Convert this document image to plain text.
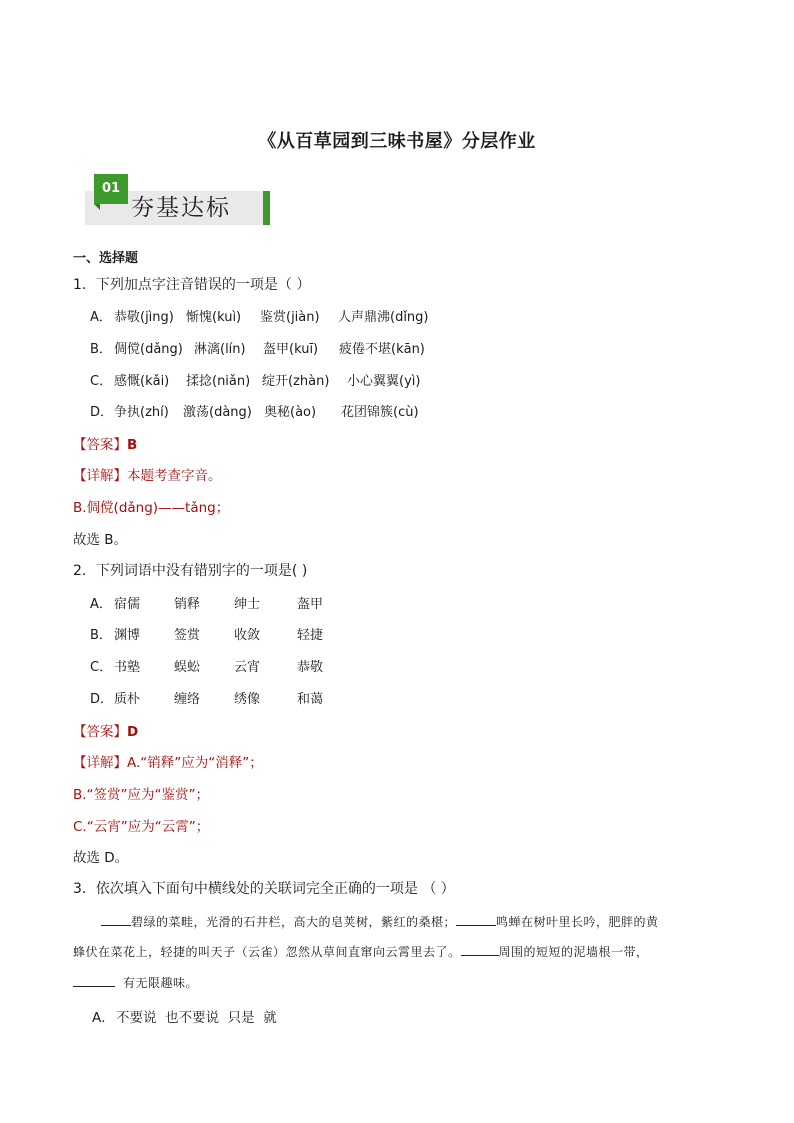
《从百草园到三味书屋》分层作业
01
夯基达标
一、选择题
1．下列加点字注音错误的一项是（ ）
A． 恭敬(jìng) 惭愧(kuì) 鉴赏(jiàn) 人声鼎沸(dǐng)
B． 倜傥(dǎng) 淋漓(lín) 盔甲(kuī) 疲倦不堪(kān)
C． 感慨(kǎi) 揉捻(niǎn) 绽开(zhàn) 小心翼翼(yì)
D．争执(zhí) 激荡(dàng) 奥秘(ào) 花团锦簇(cù)
【答案】B
【详解】本题考查字音。
B.倜傥(dǎng)——tǎng；
故选 B。
2．下列词语中没有错别字的一项是( )
A． 宿儒	销释	绅士	盔甲
B． 渊博	签赏	收敛	轻捷
C． 书塾	蜈蚣	云宵	恭敬
D．质朴	缠络	绣像	和蔼
【答案】D
【详解】A.“销释”应为“消释”；
B.“签赏”应为“鉴赏”；
C.“云宵”应为“云霄”；
故选 D。
3．依次填入下面句中横线处的关联词完全正确的一项是 （ ）
碧绿的菜畦，光滑的石井栏，高大的皂荚树，紫红的桑椹；	鸣蝉在树叶里长吟，肥胖的黄
蜂伏在菜花上，轻捷的叫天子（云雀）忽然从草间直窜向云霄里去了。	周围的短短的泥墙根一带，
有无限趣味。
A．不要说  也不要说  只是  就
